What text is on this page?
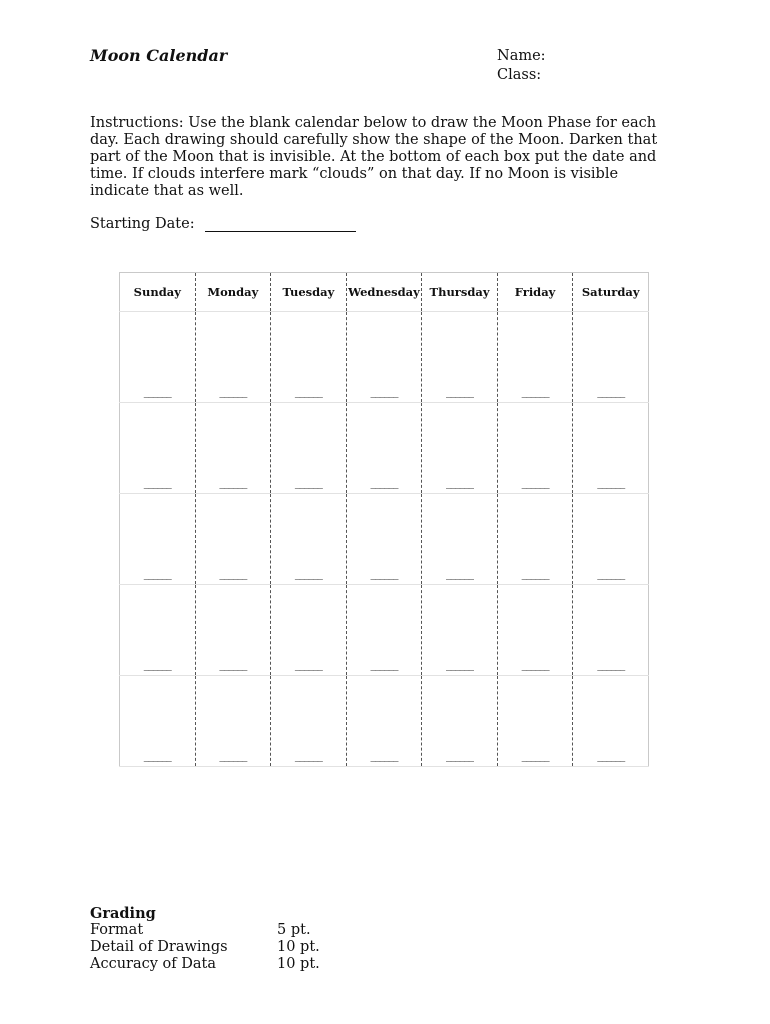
Moon Calendar	Name:
Class:
Instructions: Use the blank calendar below to draw the Moon Phase for each
day. Each drawing should carefully show the shape of the Moon. Darken that
part of the Moon that is invisible. At the bottom of each box put the date and
time. If clouds interfere mark “clouds” on that day. If no Moon is visible
indicate that as well.
Starting Date:
Sunday	Monday	Tuesday	Wednesday	Thursday	Friday	Saturday
______	______	______	______	______	______	______
______	______	______	______	______	______	______
______	______	______	______	______	______	______
______	______	______	______	______	______	______
______	______	______	______	______	______	______
Grading
Format	5 pt.
Detail of Drawings	10 pt.
Accuracy of Data	10 pt.
